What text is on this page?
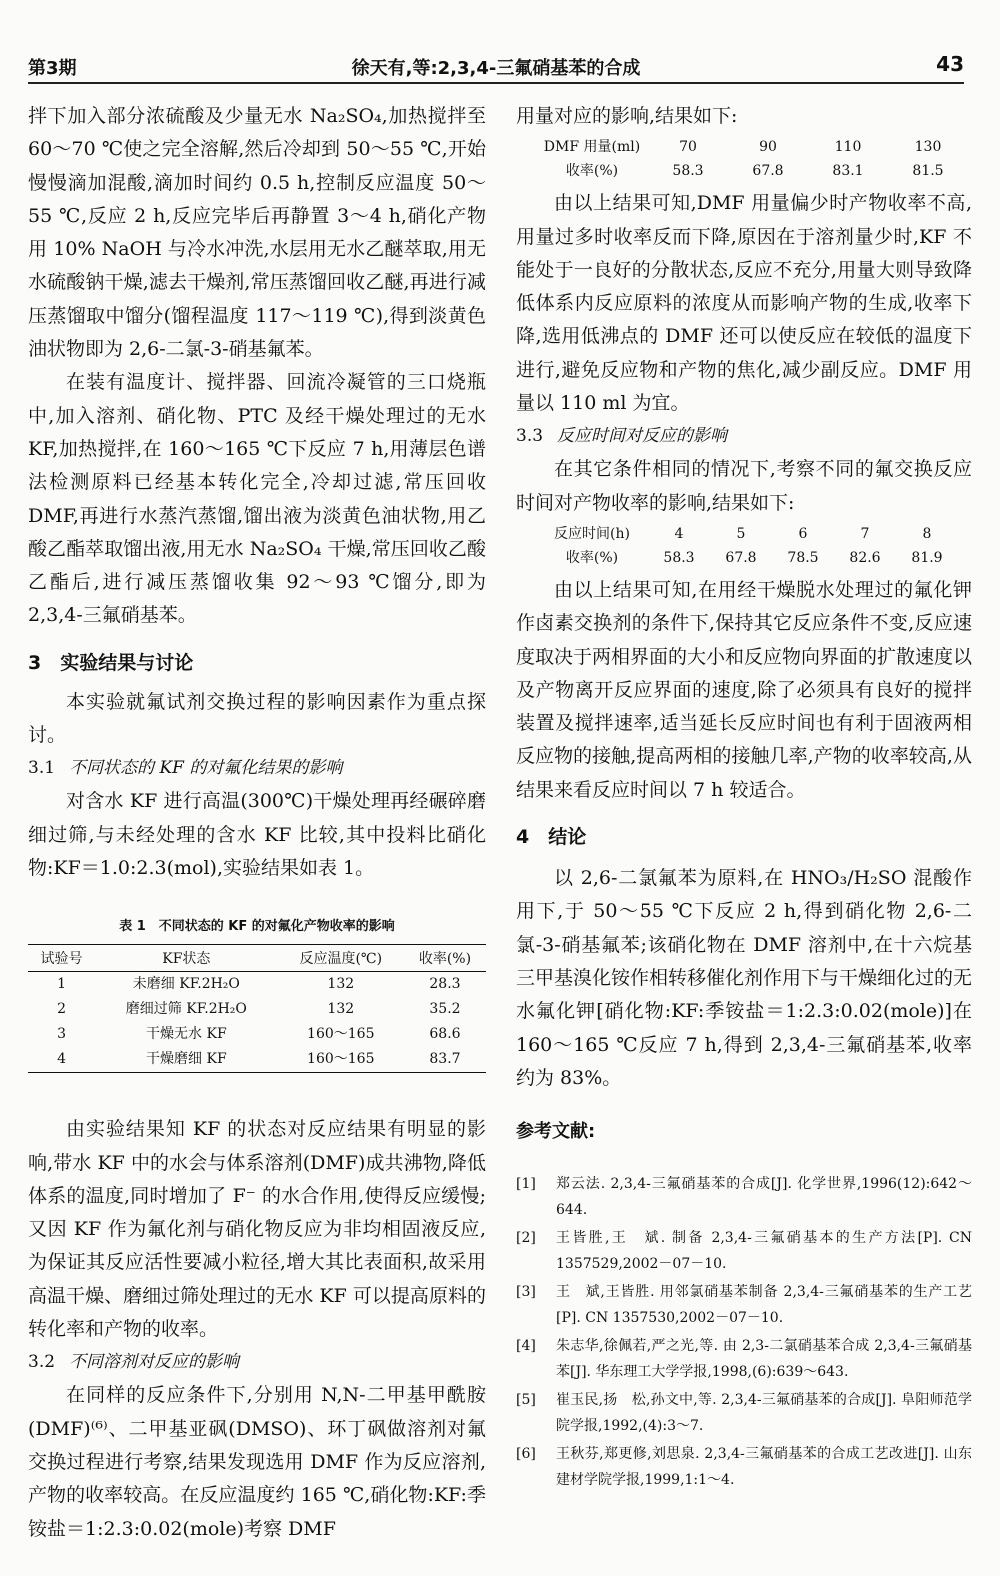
第3期	徐天有,等:2,3,4-三氟硝基苯的合成	43

拌下加入部分浓硫酸及少量无水 Na₂SO₄,加热搅拌至60～70 ℃使之完全溶解,然后冷却到 50～55 ℃,开始慢慢滴加混酸,滴加时间约 0.5 h,控制反应温度 50～55 ℃,反应 2 h,反应完毕后再静置 3～4 h,硝化产物用 10% NaOH 与冷水冲洗,水层用无水乙醚萃取,用无水硫酸钠干燥,滤去干燥剂,常压蒸馏回收乙醚,再进行减压蒸馏取中馏分(馏程温度 117～119 ℃),得到淡黄色油状物即为 2,6-二氯-3-硝基氟苯。

在装有温度计、搅拌器、回流冷凝管的三口烧瓶中,加入溶剂、硝化物、PTC 及经干燥处理过的无水 KF,加热搅拌,在 160～165 ℃下反应 7 h,用薄层色谱法检测原料已经基本转化完全,冷却过滤,常压回收 DMF,再进行水蒸汽蒸馏,馏出液为淡黄色油状物,用乙酸乙酯萃取馏出液,用无水 Na₂SO₄ 干燥,常压回收乙酸乙酯后,进行减压蒸馏收集 92～93 ℃馏分,即为 2,3,4-三氟硝基苯。

3　实验结果与讨论

本实验就氟试剂交换过程的影响因素作为重点探讨。

3.1 不同状态的 KF 的对氟化结果的影响

对含水 KF 进行高温(300℃)干燥处理再经碾碎磨细过筛,与未经处理的含水 KF 比较,其中投料比硝化物:KF＝1.0:2.3(mol),实验结果如表 1。

表 1　不同状态的 KF 的对氟化产物收率的影响
试验号	KF状态	反应温度(℃)	收率(%)
1	未磨细 KF.2H₂O	132	28.3
2	磨细过筛 KF.2H₂O	132	35.2
3	干燥无水 KF	160～165	68.6
4	干燥磨细 KF	160～165	83.7

由实验结果知 KF 的状态对反应结果有明显的影响,带水 KF 中的水会与体系溶剂(DMF)成共沸物,降低体系的温度,同时增加了 F⁻ 的水合作用,使得反应缓慢;又因 KF 作为氟化剂与硝化物反应为非均相固液反应,为保证其反应活性要减小粒径,增大其比表面积,故采用高温干燥、磨细过筛处理过的无水 KF 可以提高原料的转化率和产物的收率。

3.2 不同溶剂对反应的影响

在同样的反应条件下,分别用 N,N-二甲基甲酰胺(DMF)⁽⁶⁾、二甲基亚砜(DMSO)、环丁砜做溶剂对氟交换过程进行考察,结果发现选用 DMF 作为反应溶剂,产物的收率较高。在反应温度约 165 ℃,硝化物:KF:季铵盐＝1:2.3:0.02(mole)考察 DMF

用量对应的影响,结果如下:

DMF 用量(ml)	70	90	110	130
收率(%)	58.3	67.8	83.1	81.5

由以上结果可知,DMF 用量偏少时产物收率不高,用量过多时收率反而下降,原因在于溶剂量少时,KF 不能处于一良好的分散状态,反应不充分,用量大则导致降低体系内反应原料的浓度从而影响产物的生成,收率下降,选用低沸点的 DMF 还可以使反应在较低的温度下进行,避免反应物和产物的焦化,减少副反应。DMF 用量以 110 ml 为宜。

3.3 反应时间对反应的影响

在其它条件相同的情况下,考察不同的氟交换反应时间对产物收率的影响,结果如下:

反应时间(h)	4	5	6	7	8
收率(%)	58.3	67.8	78.5	82.6	81.9

由以上结果可知,在用经干燥脱水处理过的氟化钾作卤素交换剂的条件下,保持其它反应条件不变,反应速度取决于两相界面的大小和反应物向界面的扩散速度以及产物离开反应界面的速度,除了必须具有良好的搅拌装置及搅拌速率,适当延长反应时间也有利于固液两相反应物的接触,提高两相的接触几率,产物的收率较高,从结果来看反应时间以 7 h 较适合。

4　结论

以 2,6-二氯氟苯为原料,在 HNO₃/H₂SO 混酸作用下,于 50～55 ℃下反应 2 h,得到硝化物 2,6-二氯-3-硝基氟苯;该硝化物在 DMF 溶剂中,在十六烷基三甲基溴化铵作相转移催化剂作用下与干燥细化过的无水氟化钾[硝化物:KF:季铵盐＝1:2.3:0.02(mole)]在 160～165 ℃反应 7 h,得到 2,3,4-三氟硝基苯,收率约为 83%。

参考文献:
[1]	郑云法. 2,3,4-三氟硝基苯的合成[J]. 化学世界,1996(12):642～644.
[2]	王皆胜,王　斌. 制备 2,3,4-三氟硝基本的生产方法[P]. CN 1357529,2002－07－10.
[3]	王　斌,王皆胜. 用邻氯硝基苯制备 2,3,4-三氟硝基苯的生产工艺[P]. CN 1357530,2002－07－10.
[4]	朱志华,徐佩若,严之光,等. 由 2,3-二氯硝基苯合成 2,3,4-三氟硝基苯[J]. 华东理工大学学报,1998,(6):639～643.
[5]	崔玉民,扬　松,孙文中,等. 2,3,4-三氟硝基苯的合成[J]. 阜阳师范学院学报,1992,(4):3～7.
[6]	王秋芬,郑更修,刘思泉. 2,3,4-三氟硝基苯的合成工艺改进[J]. 山东建材学院学报,1999,1:1～4.
